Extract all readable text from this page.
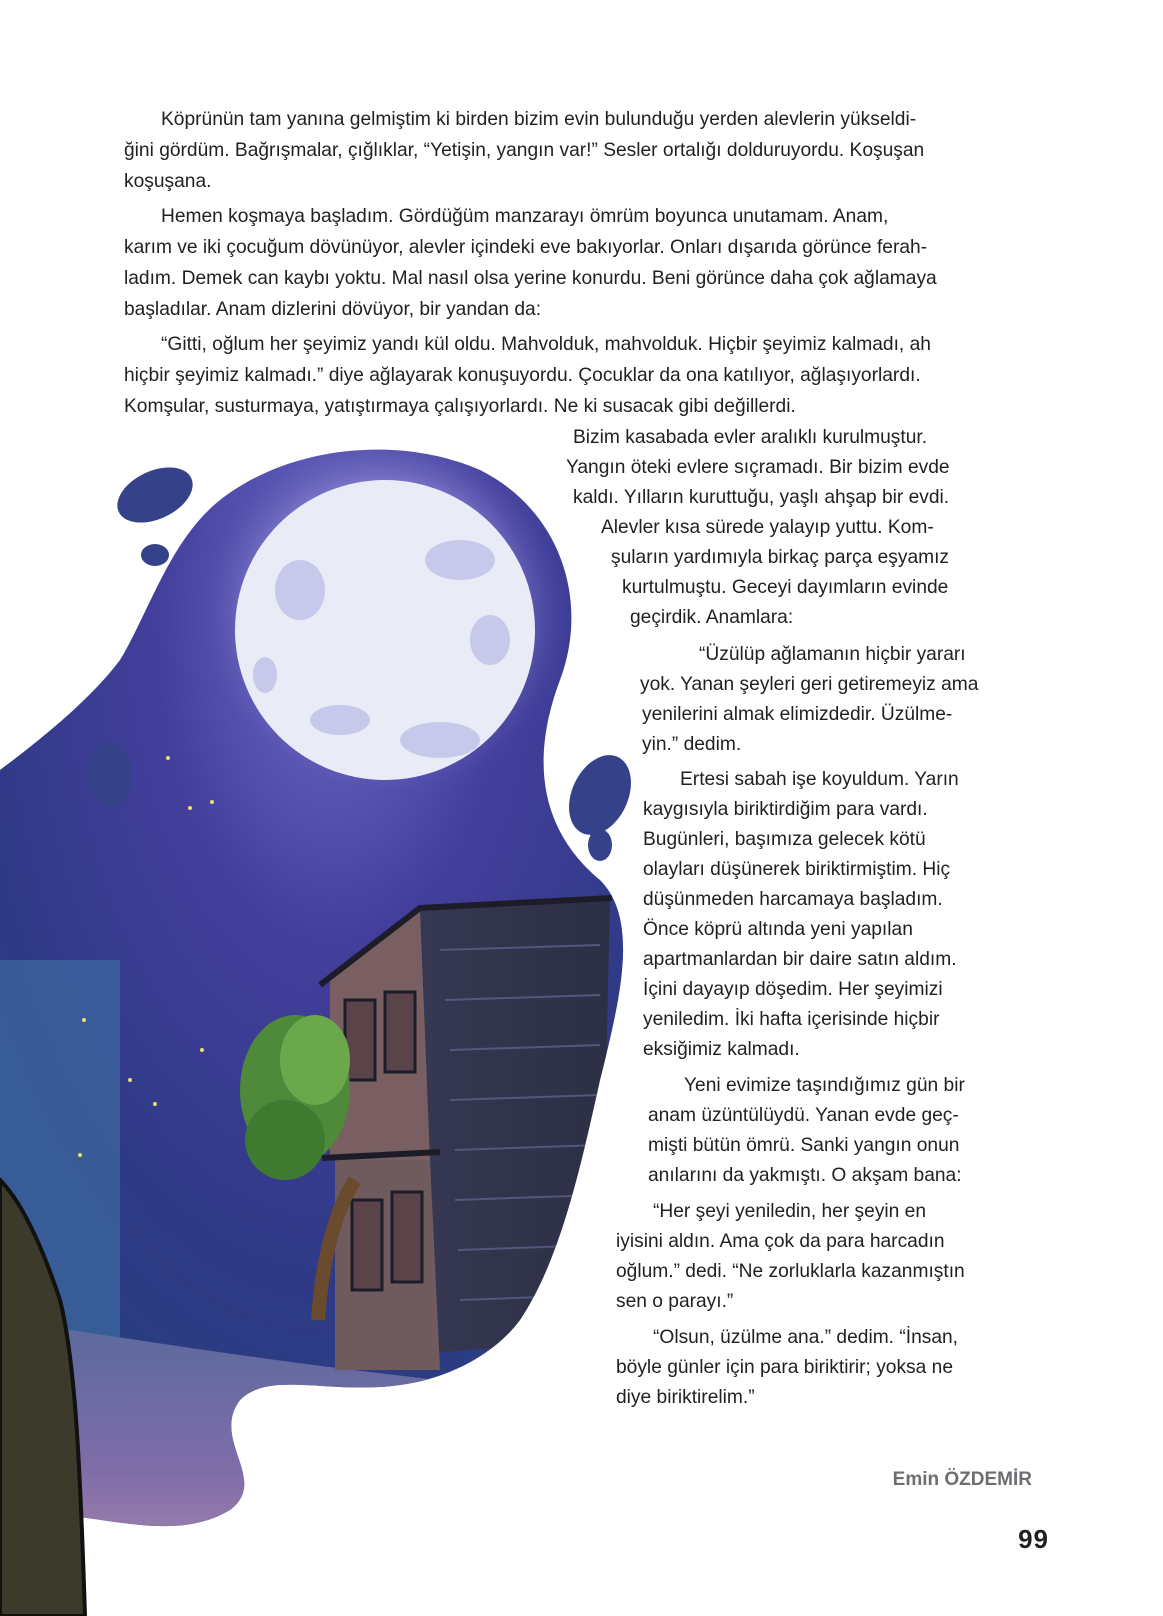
Köprünün tam yanına gelmiştim ki birden bizim evin bulunduğu yerden alevlerin yükseldi-
ğini gördüm. Bağrışmalar, çığlıklar, “Yetişin, yangın var!” Sesler ortalığı dolduruyordu. Koşuşan
koşuşana.
Hemen koşmaya başladım. Gördüğüm manzarayı ömrüm boyunca unutamam. Anam,
karım ve iki çocuğum dövünüyor, alevler içindeki eve bakıyorlar. Onları dışarıda görünce ferah-
ladım. Demek can kaybı yoktu. Mal nasıl olsa yerine konurdu. Beni görünce daha çok ağlamaya
başladılar. Anam dizlerini dövüyor, bir yandan da:
“Gitti, oğlum her şeyimiz yandı kül oldu. Mahvolduk, mahvolduk. Hiçbir şeyimiz kalmadı, ah
hiçbir şeyimiz kalmadı.” diye ağlayarak konuşuyordu. Çocuklar da ona katılıyor, ağlaşıyorlardı.
Komşular, susturmaya, yatıştırmaya çalışıyorlardı. Ne ki susacak gibi değillerdi.
Bizim kasabada evler aralıklı kurulmuştur.
Yangın öteki evlere sıçramadı. Bir bizim evde
kaldı. Yılların kuruttuğu, yaşlı ahşap bir evdi.
Alevler kısa sürede yalayıp yuttu. Kom-
şuların yardımıyla birkaç parça eşyamız
kurtulmuştu. Geceyi dayımların evinde
geçirdik. Anamlara:
“Üzülüp ağlamanın hiçbir yararı
yok. Yanan şeyleri geri getiremeyiz ama
yenilerini almak elimizdedir. Üzülme-
yin.” dedim.
Ertesi sabah işe koyuldum. Yarın
kaygısıyla biriktirdiğim para vardı.
Bugünleri, başımıza gelecek kötü
olayları düşünerek biriktirmiştim. Hiç
düşünmeden harcamaya başladım.
Önce köprü altında yeni yapılan
apartmanlardan bir daire satın aldım.
İçini dayayıp döşedim. Her şeyimizi
yeniledim. İki hafta içerisinde hiçbir
eksiğimiz kalmadı.
Yeni evimize taşındığımız gün bir
anam üzüntülüydü. Yanan evde geç-
mişti bütün ömrü. Sanki yangın onun
anılarını da yakmıştı. O akşam bana:
“Her şeyi yeniledin, her şeyin en
iyisini aldın. Ama çok da para harcadın
oğlum.” dedi. “Ne zorluklarla kazanmıştın
sen o parayı.”
“Olsun, üzülme ana.” dedim. “İnsan,
böyle günler için para biriktirir; yoksa ne
diye biriktirelim.”
Emin ÖZDEMİR
99
